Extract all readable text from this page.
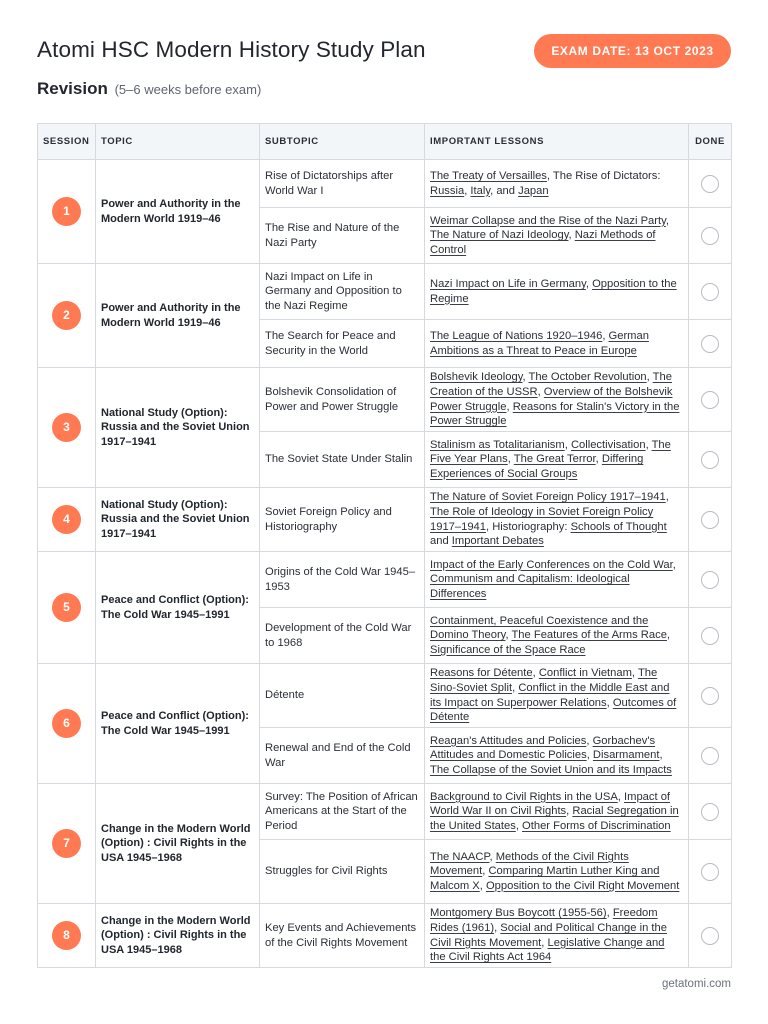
Atomi HSC Modern History Study Plan	EXAM DATE: 13 OCT 2023
Revision (5–6 weeks before exam)
SESSION	TOPIC	SUBTOPIC	IMPORTANT LESSONS	DONE
1	Power and Authority in the Modern World 1919–46	Rise of Dictatorships after World War I	The Treaty of Versailles, The Rise of Dictators: Russia, Italy, and Japan	
		The Rise and Nature of the Nazi Party	Weimar Collapse and the Rise of the Nazi Party, The Nature of Nazi Ideology, Nazi Methods of Control	
2	Power and Authority in the Modern World 1919–46	Nazi Impact on Life in Germany and Opposition to the Nazi Regime	Nazi Impact on Life in Germany, Opposition to the Regime	
		The Search for Peace and Security in the World	The League of Nations 1920–1946, German Ambitions as a Threat to Peace in Europe	
3	National Study (Option): Russia and the Soviet Union 1917–1941	Bolshevik Consolidation of Power and Power Struggle	Bolshevik Ideology, The October Revolution, The Creation of the USSR, Overview of the Bolshevik Power Struggle, Reasons for Stalin's Victory in the Power Struggle	
		The Soviet State Under Stalin	Stalinism as Totalitarianism, Collectivisation, The Five Year Plans, The Great Terror, Differing Experiences of Social Groups	
4	National Study (Option): Russia and the Soviet Union 1917–1941	Soviet Foreign Policy and Historiography	The Nature of Soviet Foreign Policy 1917–1941, The Role of Ideology in Soviet Foreign Policy 1917–1941, Historiography: Schools of Thought and Important Debates	
5	Peace and Conflict (Option): The Cold War 1945–1991	Origins of the Cold War 1945–1953	Impact of the Early Conferences on the Cold War, Communism and Capitalism: Ideological Differences	
		Development of the Cold War to 1968	Containment, Peaceful Coexistence and the Domino Theory, The Features of the Arms Race, Significance of the Space Race	
6	Peace and Conflict (Option): The Cold War 1945–1991	Détente	Reasons for Détente, Conflict in Vietnam, The Sino-Soviet Split, Conflict in the Middle East and its Impact on Superpower Relations, Outcomes of Détente	
		Renewal and End of the Cold War	Reagan's Attitudes and Policies, Gorbachev's Attitudes and Domestic Policies, Disarmament, The Collapse of the Soviet Union and its Impacts	
7	Change in the Modern World (Option) : Civil Rights in the USA 1945–1968	Survey: The Position of African Americans at the Start of the Period	Background to Civil Rights in the USA, Impact of World War II on Civil Rights, Racial Segregation in the United States, Other Forms of Discrimination	
		Struggles for Civil Rights	The NAACP, Methods of the Civil Rights Movement, Comparing Martin Luther King and Malcom X, Opposition to the Civil Right Movement	
8	Change in the Modern World (Option) : Civil Rights in the USA 1945–1968	Key Events and Achievements of the Civil Rights Movement	Montgomery Bus Boycott (1955-56), Freedom Rides (1961), Social and Political Change in the Civil Rights Movement, Legislative Change and the Civil Rights Act 1964	
getatomi.com
